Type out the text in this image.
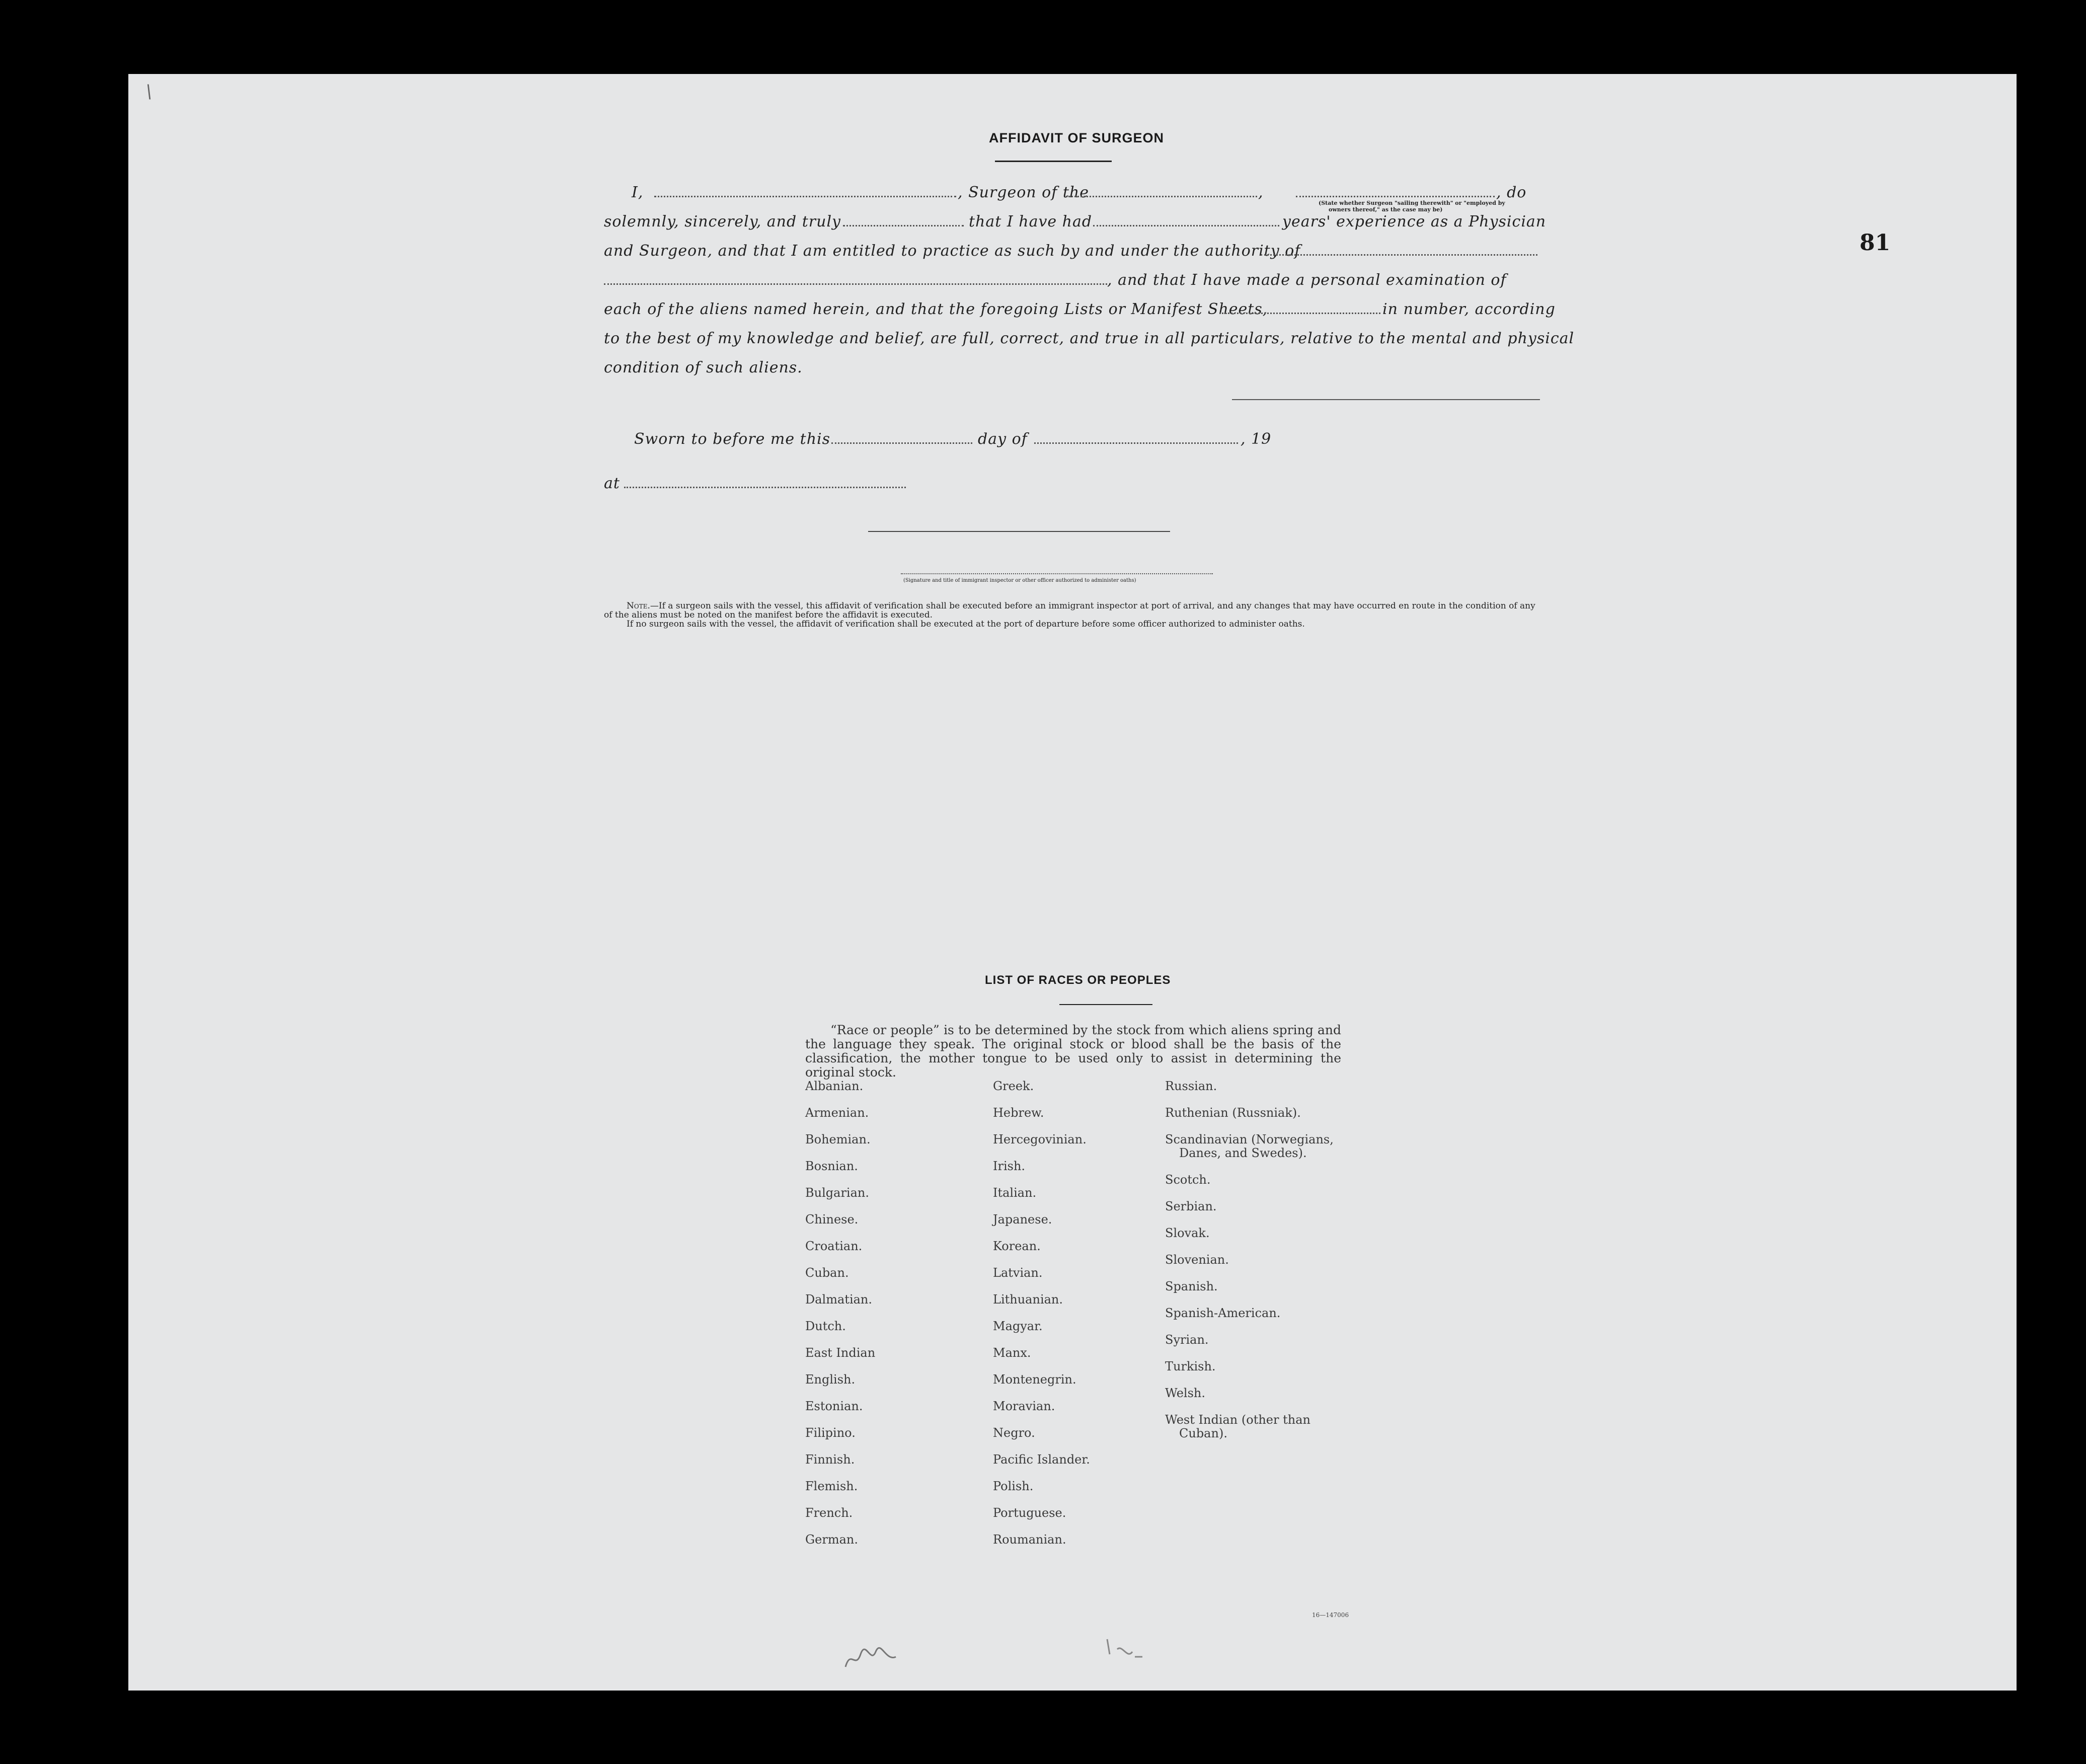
\
81
AFFIDAVIT OF SURGEON
I,	, Surgeon of the	,
(State whether Surgeon "sailing therewith" or "employed by
owners thereof," as the case may be)
, do
solemnly, sincerely, and truly	that I have had	years' experience as a Physician
and Surgeon, and that I am entitled to practice as such by and under the authority of
, and that I have made a personal examination of
each of the aliens named herein, and that the foregoing Lists or Manifest Sheets,	in number, according
to the best of my knowledge and belief, are full, correct, and true in all particulars, relative to the mental and physical
condition of such aliens.
Sworn to before me this	day of	, 19
at
(Signature and title of immigrant inspector or other officer authorized to administer oaths)
Note.—If a surgeon sails with the vessel, this affidavit of verification shall be executed before an immigrant inspector at port of arrival, and any changes that may have occurred en route in the condition of any of the aliens must be noted on the manifest before the affidavit is executed.
If no surgeon sails with the vessel, the affidavit of verification shall be executed at the port of departure before some officer authorized to administer oaths.
LIST OF RACES OR PEOPLES
“Race or people” is to be determined by the stock from which aliens spring and the language they speak. The original stock or blood shall be the basis of the classification, the mother tongue to be used only to assist in determining the original stock.
Albanian.
Armenian.
Bohemian.
Bosnian.
Bulgarian.
Chinese.
Croatian.
Cuban.
Dalmatian.
Dutch.
East Indian
English.
Estonian.
Filipino.
Finnish.
Flemish.
French.
German.
Greek.
Hebrew.
Hercegovinian.
Irish.
Italian.
Japanese.
Korean.
Latvian.
Lithuanian.
Magyar.
Manx.
Montenegrin.
Moravian.
Negro.
Pacific Islander.
Polish.
Portuguese.
Roumanian.
Russian.
Ruthenian (Russniak).
Scandinavian (Norwegians,
Danes, and Swedes).
Scotch.
Serbian.
Slovak.
Slovenian.
Spanish.
Spanish-American.
Syrian.
Turkish.
Welsh.
West Indian (other than
Cuban).
16—147006
